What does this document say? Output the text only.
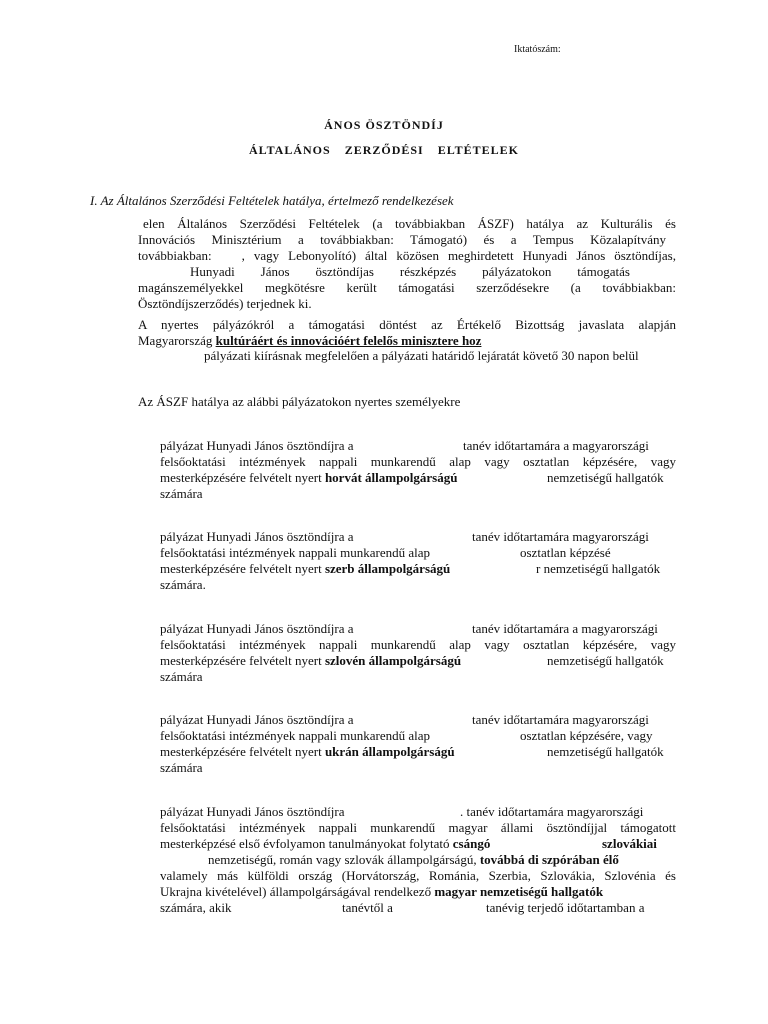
Iktatószám:
ÁNOS ÖSZTÖNDÍJ
ÁLTALÁNOS ZERZŐDÉSI ELTÉTELEK
I. Az Általános Szerződési Feltételek hatálya, értelmező rendelkezések
elen Általános Szerződési Feltételek (a továbbiakban ÁSZF) hatálya az Kulturális és
Innovációs Minisztérium a továbbiakban: Támogató) és a Tempus Közalapítvány
továbbiakban: , vagy Lebonyolító) által közösen meghirdetett Hunyadi János ösztöndíjas,
Hunyadi János ösztöndíjas részképzés pályázatokon támogatás
magánszemélyekkel megkötésre került támogatási szerződésekre (a továbbiakban:
Ösztöndíjszerződés) terjednek ki.
A nyertes pályázókról a támogatási döntést az Értékelő Bizottság javaslata alapján
Magyarország kultúráért és innovációért felelős minisztere hoz
pályázati kiírásnak megfelelően a pályázati határidő lejáratát követő 30 napon belül
Az ÁSZF hatálya az alábbi pályázatokon nyertes személyekre
pályázat Hunyadi János ösztöndíjra a	tanév időtartamára a magyarországi
felsőoktatási intézmények nappali munkarendű alap vagy osztatlan képzésére, vagy
mesterképzésére felvételt nyert horvát állampolgárságú	nemzetiségű hallgatók
számára
pályázat Hunyadi János ösztöndíjra a	tanév időtartamára magyarországi
felsőoktatási intézmények nappali munkarendű alap	osztatlan képzésé
mesterképzésére felvételt nyert szerb állampolgárságú	r nemzetiségű hallgatók
számára.
pályázat Hunyadi János ösztöndíjra a	tanév időtartamára a magyarországi
felsőoktatási intézmények nappali munkarendű alap vagy osztatlan képzésére, vagy
mesterképzésére felvételt nyert szlovén állampolgárságú	nemzetiségű hallgatók
számára
pályázat Hunyadi János ösztöndíjra a	tanév időtartamára magyarországi
felsőoktatási intézmények nappali munkarendű alap	osztatlan képzésére, vagy
mesterképzésére felvételt nyert ukrán állampolgárságú	nemzetiségű hallgatók
számára
pályázat Hunyadi János ösztöndíjra	. tanév időtartamára magyarországi
felsőoktatási intézmények nappali munkarendű magyar állami ösztöndíjjal támogatott
mesterképzésé első évfolyamon tanulmányokat folytató csángó	szlovákiai
nemzetiségű, román vagy szlovák állampolgárságú, továbbá di szpórában élő
valamely más külföldi ország (Horvátország, Románia, Szerbia, Szlovákia, Szlovénia és
Ukrajna kivételével) állampolgárságával rendelkező magyar nemzetiségű hallgatók
számára, akik	tanévtől a	tanévig terjedő időtartamban a
